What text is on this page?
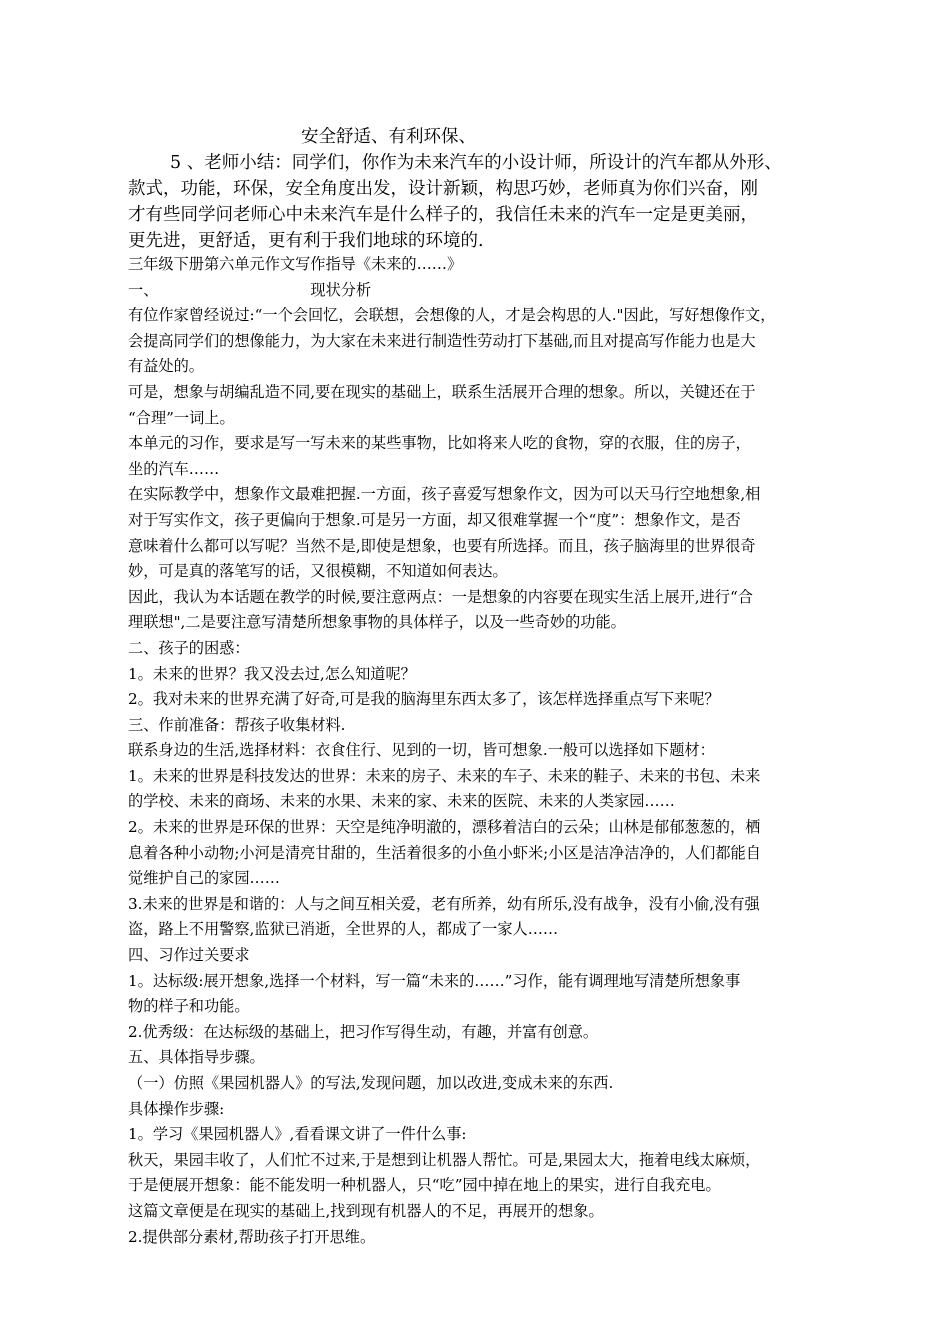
安全舒适、有利环保、
5 、老师小结：同学们，你作为未来汽车的小设计师，所设计的汽车都从外形、
款式，功能，环保，安全角度出发，设计新颖，构思巧妙，老师真为你们兴奋，刚
才有些同学问老师心中未来汽车是什么样子的，我信任未来的汽车一定是更美丽，
更先进，更舒适，更有利于我们地球的环境的.
三年级下册第六单元作文写作指导《未来的……》
一、	现状分析
有位作家曾经说过:“一个会回忆，会联想，会想像的人，才是会构思的人."因此，写好想像作文，
会提高同学们的想像能力，为大家在未来进行制造性劳动打下基础,而且对提高写作能力也是大
有益处的。
可是，想象与胡编乱造不同,要在现实的基础上，联系生活展开合理的想象。所以，关键还在于
“合理”一词上。
本单元的习作，要求是写一写未来的某些事物，比如将来人吃的食物，穿的衣服，住的房子，
坐的汽车……
在实际教学中，想象作文最难把握.一方面，孩子喜爱写想象作文，因为可以天马行空地想象,相
对于写实作文，孩子更偏向于想象.可是另一方面，却又很难掌握一个“度”：想象作文，是否
意味着什么都可以写呢？当然不是,即使是想象，也要有所选择。而且，孩子脑海里的世界很奇
妙，可是真的落笔写的话，又很模糊，不知道如何表达。
因此，我认为本话题在教学的时候,要注意两点：一是想象的内容要在现实生活上展开,进行“合
理联想",二是要注意写清楚所想象事物的具体样子，以及一些奇妙的功能。
二、孩子的困惑：
1。未来的世界？我又没去过,怎么知道呢？
2。我对未来的世界充满了好奇,可是我的脑海里东西太多了，该怎样选择重点写下来呢？
三、作前准备：帮孩子收集材料.
联系身边的生活,选择材料：衣食住行、见到的一切，皆可想象.一般可以选择如下题材：
1。未来的世界是科技发达的世界：未来的房子、未来的车子、未来的鞋子、未来的书包、未来
的学校、未来的商场、未来的水果、未来的家、未来的医院、未来的人类家园……
2。未来的世界是环保的世界：天空是纯净明澈的，漂移着洁白的云朵；山林是郁郁葱葱的，栖
息着各种小动物;小河是清亮甘甜的，生活着很多的小鱼小虾米;小区是洁净洁净的，人们都能自
觉维护自己的家园……
3.未来的世界是和谐的：人与之间互相关爱，老有所养，幼有所乐,没有战争，没有小偷,没有强
盗，路上不用警察,监狱已消逝，全世界的人，都成了一家人……
四、习作过关要求
1。达标级:展开想象,选择一个材料，写一篇“未来的……”习作，能有调理地写清楚所想象事
物的样子和功能。
2.优秀级：在达标级的基础上，把习作写得生动，有趣，并富有创意。
五、具体指导步骤。
（一）仿照《果园机器人》的写法,发现问题，加以改进,变成未来的东西.
具体操作步骤:
1。学习《果园机器人》,看看课文讲了一件什么事:
秋天，果园丰收了，人们忙不过来,于是想到让机器人帮忙。可是,果园太大，拖着电线太麻烦，
于是便展开想象：能不能发明一种机器人，只“吃”园中掉在地上的果实，进行自我充电。
这篇文章便是在现实的基础上,找到现有机器人的不足，再展开的想象。
2.提供部分素材,帮助孩子打开思维。
